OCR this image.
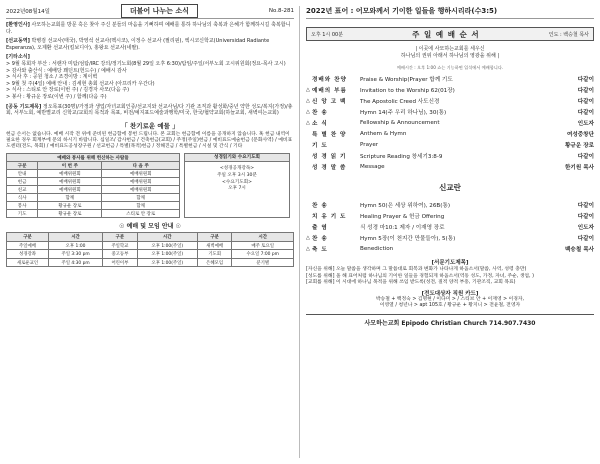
2022년08월14일	더불어 나누는 소식	No.8-281

[환영인사] 사모하는교회를 방문 혹은 찾아 주신 분들의 마음을 기뻐하며 예배를 통하 하나님의 축복과 은혜가 함께하시길 축복합니다.

[선교동역] 박병검 선교사(태국), 박영석 선교사(멕시코), 이정수 선교사 (필리핀), 엑시코신학교(Universidad Radiante Esperanza), 오제환 선교사(킬보디아), 홍왕요 선교사(네팔).

[기타소식]

> 9월 목회자 부산 : 서랜자 미탐/섬탐/IRC 강의/정기노회(8월 29일 오후 6:30)/탐임/주일/서부노회 고시위원회(정요-목사 고시)

> 감사와 출산식 : 예배당 꽤던트(헌드수) / 예배시 감사

> 식사 후 : 공원 청소 / 조경이방 : 계이벽

> 9월 첫 주(4일) 예배 안내 : 김세현 총회 선교사 (아프리카 우간다)

> 식사 : 스티로 안 장로(이번 주) / 김경자 사모(다음 주)

> 봉사 : 황규운 장로(이번 주) / 함께(다음 주)

[공동 기도제목] 정오목표(30명)/가정과 생업/자녀교회인증/선교지와 선교사님/다 기관 조직과 활성화/중년 약한 성도/복지(가정)/총회, 서부노회, 예반별교리 신학교/교회의 목적과 목표, 비전/예지표드예술과행학/미국, 한국/협약교회(하늘교회, 새벽여는교회)

「 찬기로운 예물 」
헌금 손서는 없습니다. 예배 시작 전 위에 준비된 헌금함에 봉헌 드립니다. 본 교회는 헌금함에 이름을 공개하지 않습니다. 혹 헌금 내역이 필요한 경우 회계부에 문의 하시기 바랍니다. 십일조/ 감사헌금 / 건축헌금(교회) / 주정(주일)헌금 / 예비표도예술헌금 (문화사역) / 예비표도센터(전도, 목회) / 예비표도공성장구원 / 선교헌금 / 특별(목적)헌금 / 정해진금 / 특별헌금 / 시설 및 간식 / 기타
예배와 봉사를 위해 헌신하는 사람들		
구분	이 번 주	다 음 주
안내	예배위원회	예배위원회
헌금	예배위원회	예배위원회
친교	예배위원회	예배위원회
식사	함께	함께
봉사	황규운 장로	함께
기도	황규운 장로	스티로 안 장로
성경읽기와 수요기도회
<성경공개강독>
주일 오후 3시 30분
<수요기도회>
오후 7시
☉ 예배 및 모임 안내 ☉
구분	시간	구분	시간	구분	시간
주일예배	오후 1:00	주일학교	오후 1:00(주일)	새벽예배	매주 토요일
성경강좌	주일 3:30 pm	중고등부	오후 1:00(주일)	기도회	수요일 7:00 pm
새로운교인	주일 4:30 pm	어린이부	오후 1:00(주일)	은혜모임	분기별
2022년 표어 : 어모와께서 기이한 일들을 행하시리라(수3:5)
오후 1시 00분	주 일 예 배 순 서	인도 : 백승철 목사
| 이곳에 사모하는교회를 세우신
하나님의 권위 아래서 하나님의 영광을 위해 |
예배시간 : 오후 1:00 쇼는 기능하면 입석에서 예배합니다.
경배와 찬양	Praise & Worship(Prayer 합께 기도	다같이
△ 예배의 부름	Invitation to the Worship 62(01장)	다같이
△ 신 앙 고 백	The Apostolic Creed 사도신경	다같이
△ 찬 송	Hymn 14(주 우리 하나님), 30(통)	다같이
△ 소 식	Fellowship & Announcement	인도자
특 별 찬 양	Anthem & Hymn	여성중창단
기 도	Prayer	황규운 장로
성 경 읽 기	Scripture Reading 창세기3:8-9	다같이
성 경 말 씀	Message	한기원 목사
신교란
찬 송	Hymn 50(은 세상 위하여), 26B(통)	다같이
치 유 기 도	Healing Prayer & 헌금 Offering	다같이
출 염	식 성경 마10:1 제자 / 이재영 장로	인도자
△ 찬 송	Hymn 5장(이 천지간 만물들아), 5(통)	다같이
△ 축 도	Benediction	백승철 목사
[서문기도제목]

[자신을 위해] 오늘 말씀을 생각하며 그 말씀대로 회복과 변화가 나타나게 하옵소서(말씀, 사역, 성령 충만)

[성도를 위해] 올 해 표어처럼 하나님의 기이한 일들을 경험되게 하옵소서(역동 성도, 가정, 자녀, 주순, 생업, )

[교회를 위해] 이 시대에 하나님 목적을 위해 쓰임 받도록(성전, 질적 양적 부흥, 기관조직, 교회 목표)

[전도대상자 직원 카드]

박승철 + 백정숙 > 김명현 / 이다미 > / 스티브 안 + 이재영 > 이경자,

이영열 / 청년나 > apt 105호 / 황규운 + 황지니 > 전윤철, 전영자

사모하는교회 Epipodo Christian Church 714.907.7430
